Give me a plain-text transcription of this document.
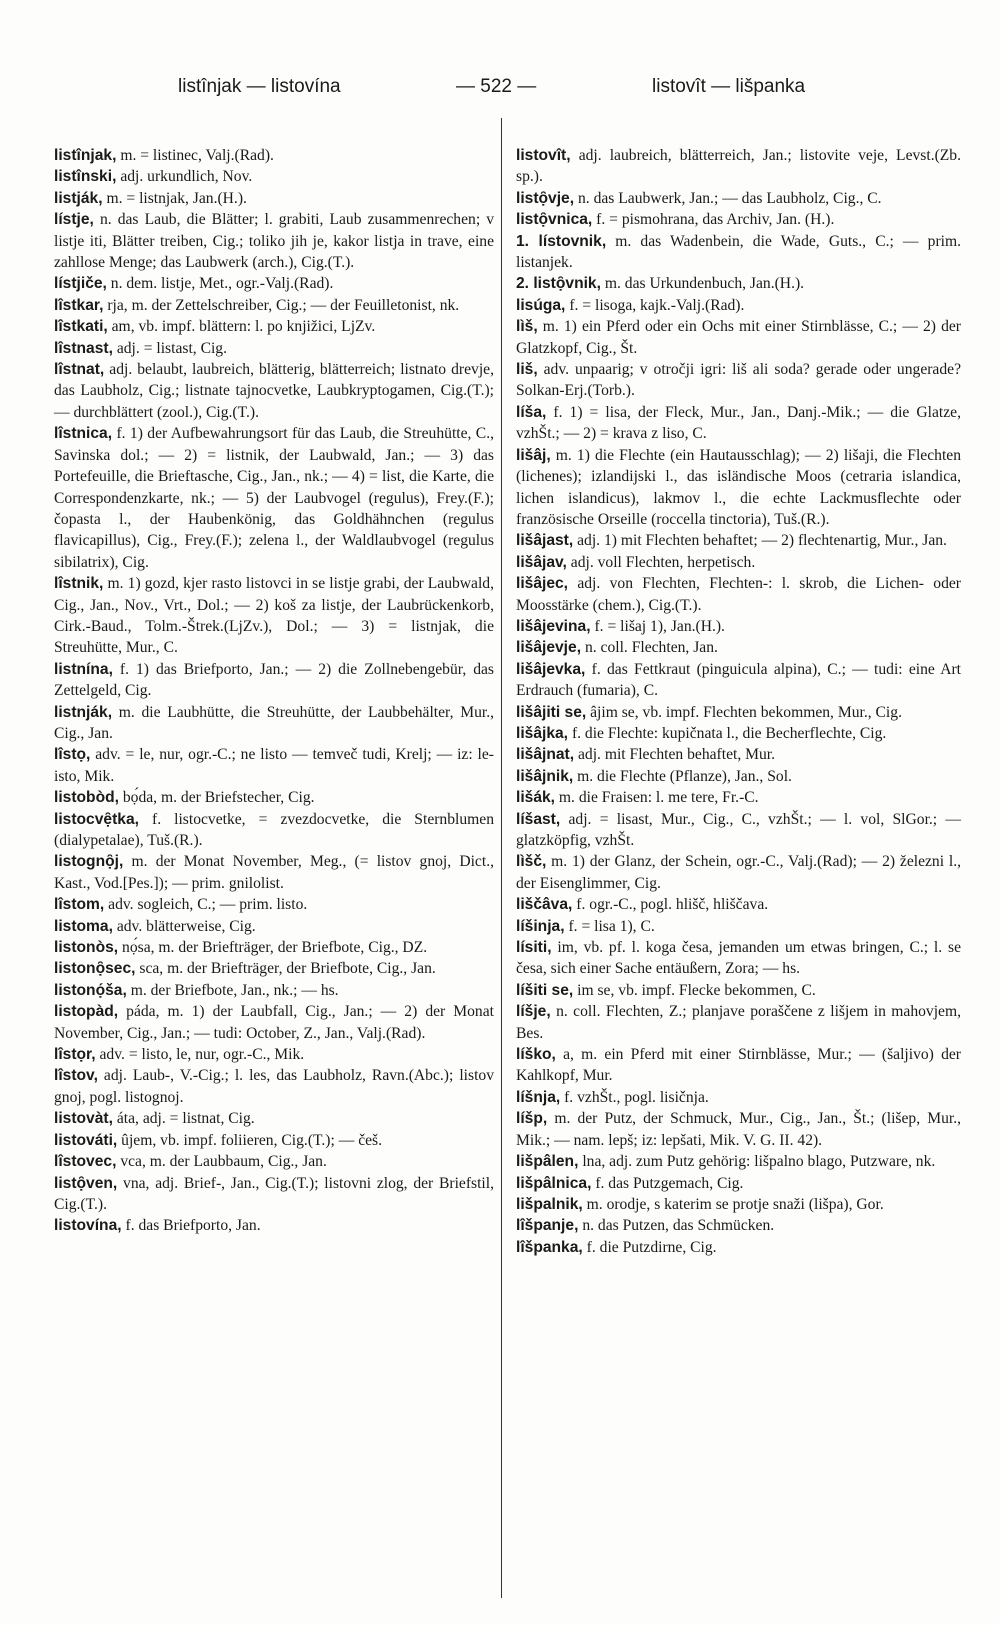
listînjak — listovína	— 522 —	listovît — lišpanka

listînjak, m. = listinec, Valj.(Rad).

listînski, adj. urkundlich, Nov.

listják, m. = listnjak, Jan.(H.).

lístje, n. das Laub, die Blätter; l. grabiti, Laub zusammenrechen; v listje iti, Blätter treiben, Cig.; toliko jih je, kakor listja in trave, eine zahllose Menge; das Laubwerk (arch.), Cig.(T.).

lístjiče, n. dem. listje, Met., ogr.-Valj.(Rad).

lîstkar, rja, m. der Zettelschreiber, Cig.; — der Feuilletonist, nk.

lîstkati, am, vb. impf. blättern: l. po knjižici, LjZv.

lîstnast, adj. = listast, Cig.

lîstnat, adj. belaubt, laubreich, blätterig, blätterreich; listnato drevje, das Laubholz, Cig.; listnate tajnocvetke, Laubkryptogamen, Cig.(T.); — durchblättert (zool.), Cig.(T.).

lîstnica, f. 1) der Aufbewahrungsort für das Laub, die Streuhütte, C., Savinska dol.; — 2) = listnik, der Laubwald, Jan.; — 3) das Portefeuille, die Brieftasche, Cig., Jan., nk.; — 4) = list, die Karte, die Correspondenzkarte, nk.; — 5) der Laubvogel (regulus), Frey.(F.); čopasta l., der Haubenkönig, das Goldhähnchen (regulus flavicapillus), Cig., Frey.(F.); zelena l., der Waldlaubvogel (regulus sibilatrix), Cig.

lîstnik, m. 1) gozd, kjer rasto listovci in se listje grabi, der Laubwald, Cig., Jan., Nov., Vrt., Dol.; — 2) koš za listje, der Laubrückenkorb, Cirk.-Baud., Tolm.-Štrek.(LjZv.), Dol.; — 3) = listnjak, die Streuhütte, Mur., C.

listnína, f. 1) das Briefporto, Jan.; — 2) die Zollnebengebür, das Zettelgeld, Cig.

listnják, m. die Laubhütte, die Streuhütte, der Laubbehälter, Mur., Cig., Jan.

lîstọ, adv. = le, nur, ogr.-C.; ne listo — temveč tudi, Krelj; — iz: le-isto, Mik.

listobòd, bọ́da, m. der Briefstecher, Cig.

listocvẹ̑tka, f. listocvetke, = zvezdocvetke, die Sternblumen (dialypetalae), Tuš.(R.).

listognọ̑j, m. der Monat November, Meg., (= listov gnoj, Dict., Kast., Vod.[Pes.]); — prim. gnilolist.

lîstom, adv. sogleich, C.; — prim. listo.

listoma, adv. blätterweise, Cig.

listonòs, nọ́sa, m. der Briefträger, der Briefbote, Cig., DZ.

listonọ̑sec, sca, m. der Briefträger, der Briefbote, Cig., Jan.

listonọ́ša, m. der Briefbote, Jan., nk.; — hs.

listopàd, páda, m. 1) der Laubfall, Cig., Jan.; — 2) der Monat November, Cig., Jan.; — tudi: October, Z., Jan., Valj.(Rad).

lîstọr, adv. = listo, le, nur, ogr.-C., Mik.

lîstov, adj. Laub-, V.-Cig.; l. les, das Laubholz, Ravn.(Abc.); listov gnoj, pogl. listognoj.

listovàt, áta, adj. = listnat, Cig.

listováti, ûjem, vb. impf. foliieren, Cig.(T.); — češ.

lîstovec, vca, m. der Laubbaum, Cig., Jan.

listọ̑ven, vna, adj. Brief-, Jan., Cig.(T.); listovni zlog, der Briefstil, Cig.(T.).

listovína, f. das Briefporto, Jan.

listovît, adj. laubreich, blätterreich, Jan.; listovite veje, Levst.(Zb. sp.).

listọ̑vje, n. das Laubwerk, Jan.; — das Laubholz, Cig., C.

listọ̑vnica, f. = pismohrana, das Archiv, Jan. (H.).

1. lístovnik, m. das Wadenbein, die Wade, Guts., C.; — prim. listanjek.

2. listọ̑vnik, m. das Urkundenbuch, Jan.(H.).

lisúga, f. = lisoga, kajk.-Valj.(Rad).

lìš, m. 1) ein Pferd oder ein Ochs mit einer Stirnblässe, C.; — 2) der Glatzkopf, Cig., Št.

liš, adv. unpaarig; v otročji igri: liš ali soda? gerade oder ungerade? Solkan-Erj.(Torb.).

líša, f. 1) = lisa, der Fleck, Mur., Jan., Danj.-Mik.; — die Glatze, vzhŠt.; — 2) = krava z liso, C.

lišâj, m. 1) die Flechte (ein Hautausschlag); — 2) lišaji, die Flechten (lichenes); izlandijski l., das isländische Moos (cetraria islandica, lichen islandicus), lakmov l., die echte Lackmusflechte oder französische Orseille (roccella tinctoria), Tuš.(R.).

lišâjast, adj. 1) mit Flechten behaftet; — 2) flechtenartig, Mur., Jan.

lišâjav, adj. voll Flechten, herpetisch.

lišâjec, adj. von Flechten, Flechten-: l. skrob, die Lichen- oder Moosstärke (chem.), Cig.(T.).

lišâjevina, f. = lišaj 1), Jan.(H.).

lišâjevje, n. coll. Flechten, Jan.

lišâjevka, f. das Fettkraut (pinguicula alpina), C.; — tudi: eine Art Erdrauch (fumaria), C.

lišâjiti se, âjim se, vb. impf. Flechten bekommen, Mur., Cig.

lišâjka, f. die Flechte: kupičnata l., die Becherflechte, Cig.

lišâjnat, adj. mit Flechten behaftet, Mur.

lišâjnik, m. die Flechte (Pflanze), Jan., Sol.

lišák, m. die Fraisen: l. me tere, Fr.-C.

líšast, adj. = lisast, Mur., Cig., C., vzhŠt.; — l. vol, SlGor.; — glatzköpfig, vzhŠt.

lìšč, m. 1) der Glanz, der Schein, ogr.-C., Valj.(Rad); — 2) železni l., der Eisenglimmer, Cig.

liščâva, f. ogr.-C., pogl. hlišč, hliščava.

líšinja, f. = lisa 1), C.

lísiti, im, vb. pf. l. koga česa, jemanden um etwas bringen, C.; l. se česa, sich einer Sache entäußern, Zora; — hs.

líšiti se, im se, vb. impf. Flecke bekommen, C.

líšje, n. coll. Flechten, Z.; planjave poraščene z lišjem in mahovjem, Bes.

líško, a, m. ein Pferd mit einer Stirnblässe, Mur.; — (šaljivo) der Kahlkopf, Mur.

líšnja, f. vzhŠt., pogl. lisičnja.

líšp, m. der Putz, der Schmuck, Mur., Cig., Jan., Št.; (lišep, Mur., Mik.; — nam. lepš; iz: lepšati, Mik. V. G. II. 42).

lišpâlen, lna, adj. zum Putz gehörig: lišpalno blago, Putzware, nk.

lišpâlnica, f. das Putzgemach, Cig.

lišpalnik, m. orodje, s katerim se protje snaži (lišpa), Gor.

lîšpanje, n. das Putzen, das Schmücken.

lîšpanka, f. die Putzdirne, Cig.
